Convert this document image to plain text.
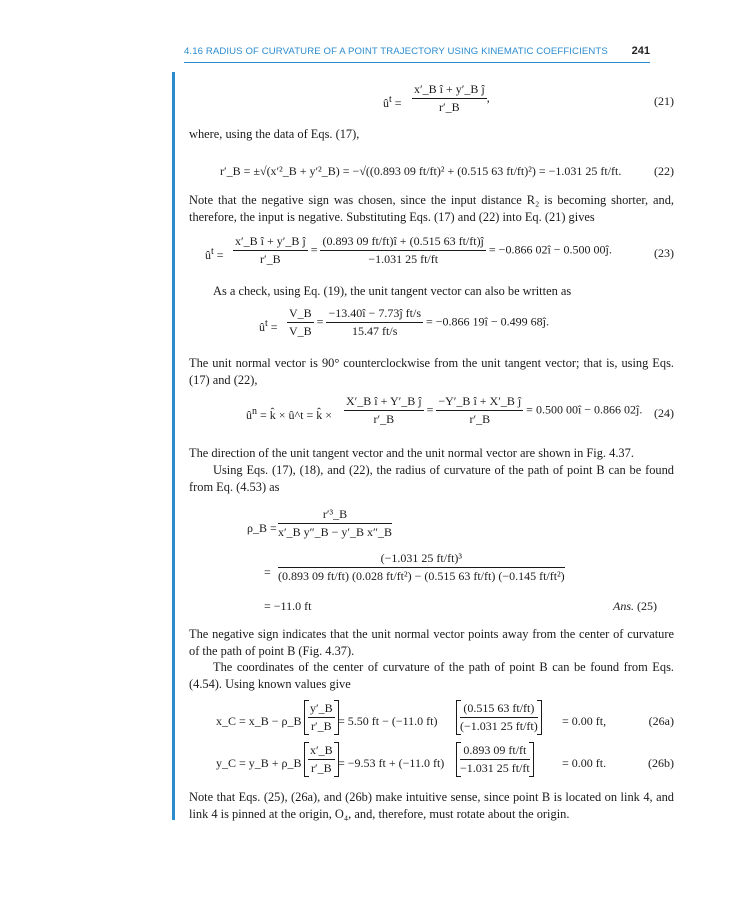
4.16 RADIUS OF CURVATURE OF A POINT TRAJECTORY USING KINEMATIC COEFFICIENTS 241
$û^t = \frac{\text{x′\_B î + y′\_B ĵ}}{r'\_B}$ ,	(21)

where, using the data of Eqs. (17),

r′_B = ±√(x′²_B + y′²_B) = −√((0.893 09 ft/ft)² + (0.515 63 ft/ft)²) = −1.031 25 ft/ft.	(22)

Note that the negative sign was chosen, since the input distance R₂ is becoming shorter, and, therefore, the input is negative. Substituting Eqs. (17) and (22) into Eq. (21) gives

$û^t = \frac{\text{x′\_B î + y′\_B ĵ}}{r'\_B} = \frac{(0.893 09 ft/ft)î + (0.515 63 ft/ft)ĵ}{-1.031 25 ft/ft} = -0.866$ 02î − 0.500 00ĵ.	(23)

As a check, using Eq. (19), the unit tangent vector can also be written as

$û^t = \frac{V\_B}{V\_B} = \frac{\text{−13.40î − 7.73ĵ ft/s}}{15.47 ft/s} = -0.866$ 19î − 0.499 68ĵ.

The unit normal vector is 90° counterclockwise from the unit tangent vector; that is, using Eqs. (17) and (22),

$û^n$ = k̂ × û^t = k̂ × $\frac{\text{X′\_B î + Y′\_B ĵ}}{r'\_B} = \frac{\text{−Y′\_B î + X′\_B ĵ}}{r'\_B} = 0.500$ 00î − 0.866 02ĵ. (24)

The direction of the unit tangent vector and the unit normal vector are shown in Fig. 4.37.

Using Eqs. (17), (18), and (22), the radius of curvature of the path of point B can be found from Eq. (4.53) as

ρ_B = $\frac{\text{r′³\_B}}{\text{x′\_B y″\_B − y′\_B x″\_B}}$
=
(−1.031 25 ft/ft)³
(0.893 09 ft/ft) (0.028 ft/ft²) − (0.515 63 ft/ft) (−0.145 ft/ft²)
= −11.0 ft	Ans. (25)

The negative sign indicates that the unit normal vector points away from the center of curvature of the path of point B (Fig. 4.37).

The coordinates of the center of curvature of the path of point B can be found from Eqs. (4.54). Using known values give

x_C = x_B − ρ_B $\frac{y'\_B}{r'\_B} = 5.50$ ft − (−11.0 $ft) \frac{(0.515 63 ft/ft)}{(-1.031 25 ft/ft)} = 0.00$ ft,	(26a)
y_C = y_B + ρ_B $\frac{x'\_B}{r'\_B} = -9.53$ ft + (−11.0 $ft) \frac{0.893 09 ft/ft}{-1.031 25 ft/ft}$	= 0.00 ft.	(26b)

Note that Eqs. (25), (26a), and (26b) make intuitive sense, since point B is located on link 4, and link 4 is pinned at the origin, O₄, and, therefore, must rotate about the origin.
